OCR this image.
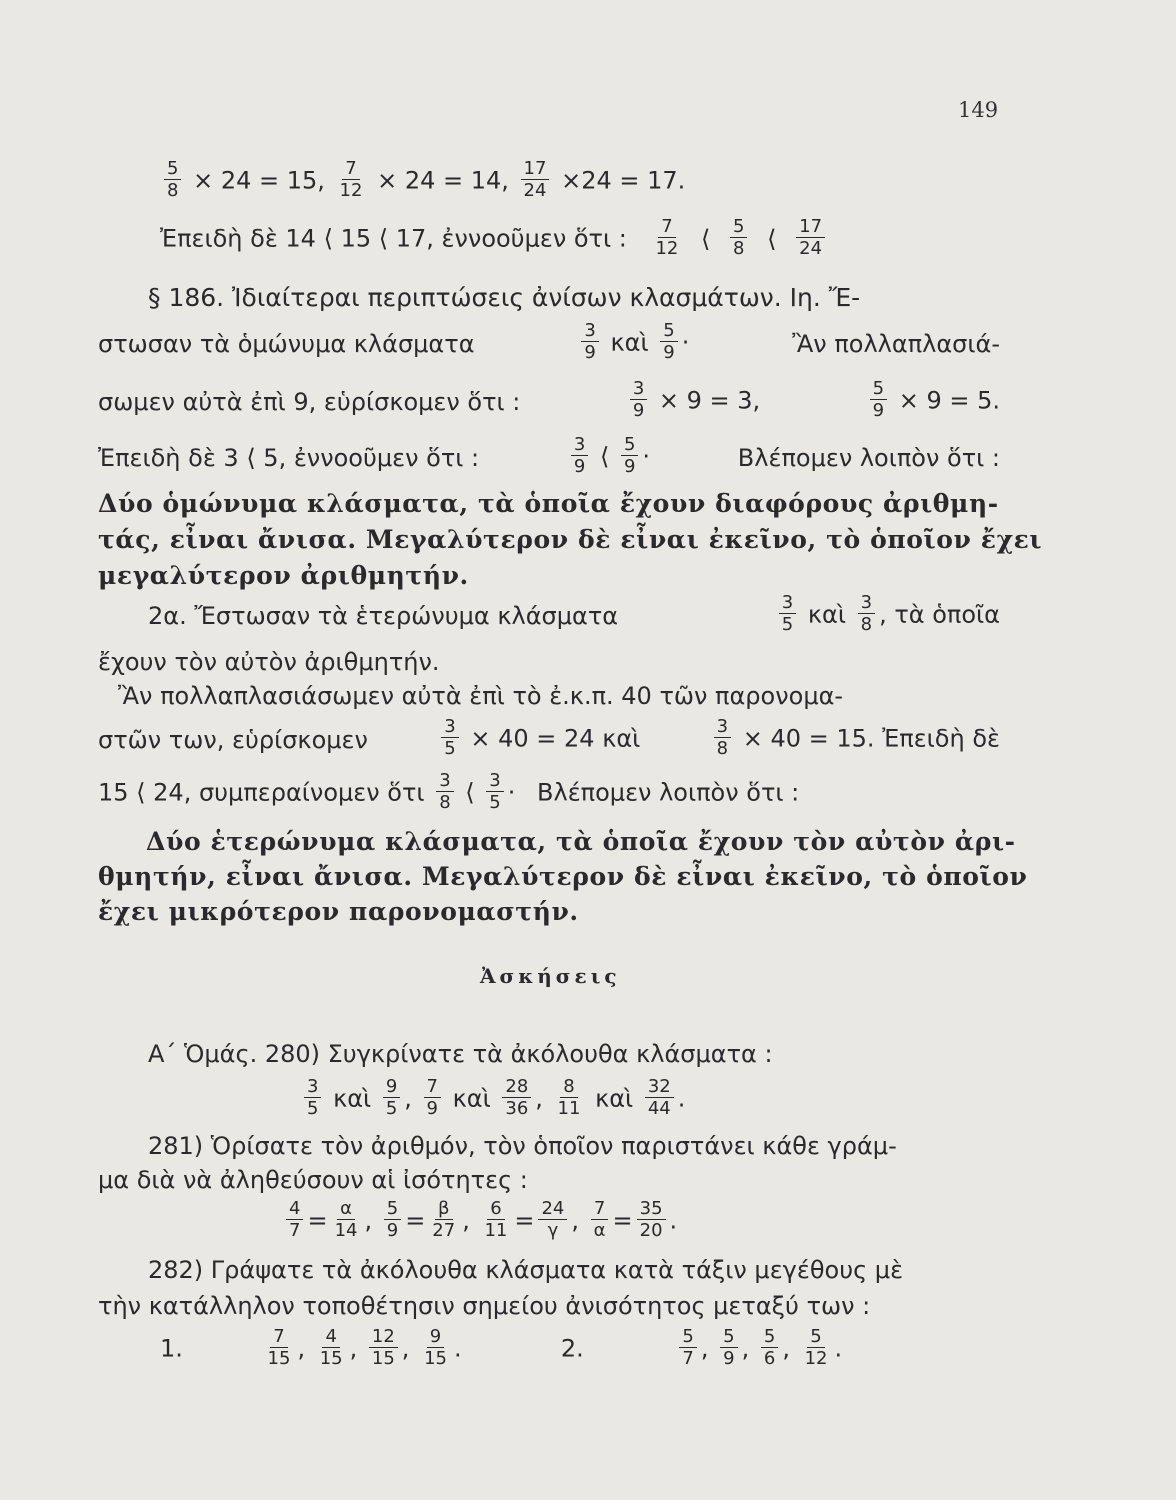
149
$\frac{5}{8} \times 24 = 15$, $\frac{7}{12} \times 24 = 14$, $\frac{17}{24} \times 24 = 17$.
Ἐπειδὴ δὲ 14 ⟨ 15 ⟨ 17, ἐννοοῦμεν ὅτι : $\frac{7}{12}$ ⟨ $\frac{5}{8}$ ⟨ $\frac{17}{24}$
§ 186. Ἰδιαίτεραι περιπτώσεις ἀνίσων κλασμάτων. Ιη. Ἔ-
στωσαν τὰ ὁμώνυμα κλάσματα	$\frac{3}{9}$ καὶ $\frac{5}{9}$ ·	Ἂν πολλαπλασιά-
σωμεν αὐτὰ ἐπὶ 9, εὑρίσκομεν ὅτι :	$\frac{3}{9} \times 9 = 3$,	$\frac{5}{9} \times 9 = 5$.
Ἐπειδὴ δὲ 3 ⟨ 5, ἐννοοῦμεν ὅτι :	$\frac{3}{9}$ ⟨ $\frac{5}{9}$ ·	Βλέπομεν λοιπὸν ὅτι :
Δύο ὁμώνυμα κλάσματα, τὰ ὁποῖα ἔχουν διαφόρους ἀριθμη-
τάς, εἶναι ἄνισα. Μεγαλύτερον δὲ εἶναι ἐκεῖνο, τὸ ὁποῖον ἔχει
μεγαλύτερον ἀριθμητήν.
2α. Ἔστωσαν τὰ ἑτερώνυμα κλάσματα	$\frac{3}{5}$ καὶ $\frac{3}{8}$ , τὰ ὁποῖα
ἔχουν τὸν αὐτὸν ἀριθμητήν.
Ἂν πολλαπλασιάσωμεν αὐτὰ ἐπὶ τὸ ἐ.κ.π. 40 τῶν παρονομα-
στῶν των, εὑρίσκομεν	$\frac{3}{5} \times 40 = 24$ καὶ	$\frac{3}{8} \times 40 = 15$. Ἐπειδὴ δὲ
15 ⟨ 24, συμπεραίνομεν ὅτι $\frac{3}{8}$ ⟨ $\frac{3}{5} \cdot B\lambda έ\pi o\mu\varepsilon\nu$ λοιπὸν ὅτι :
Δύο ἑτερώνυμα κλάσματα, τὰ ὁποῖα ἔχουν τὸν αὐτὸν ἀρι-
θμητήν, εἶναι ἄνισα. Μεγαλύτερον δὲ εἶναι ἐκεῖνο, τὸ ὁποῖον
ἔχει μικρότερον παρονομαστήν.
Ἀσκήσεις
Α΄ Ὁμάς. 280) Συγκρίνατε τὰ ἀκόλουθα κλάσματα :
$\frac{3}{5}$ καὶ $\frac{9}{5}$ , $\frac{7}{9}$ καὶ $\frac{28}{36}$ , $\frac{8}{11}$ καὶ $\frac{32}{44}$ .
281) Ὁρίσατε τὸν ἀριθμόν, τὸν ὁποῖον παριστάνει κάθε γράμ-
μα διὰ νὰ ἀληθεύσουν αἱ ἰσότητες :
$\frac{4}{7} = \frac{\alpha}{14}$ , $\frac{5}{9} = \frac{\beta}{27}$ , $\frac{6}{11} = \frac{24}{\gamma}$ , $\frac{7}{\alpha} = \frac{35}{20}$ .
282) Γράψατε τὰ ἀκόλουθα κλάσματα κατὰ τάξιν μεγέθους μὲ
τὴν κατάλληλον τοποθέτησιν σημείου ἀνισότητος μεταξύ των :
1.	$\frac{7}{15}$ , $\frac{4}{15}$ , $\frac{12}{15}$ , $\frac{9}{15}$ .	2.	$\frac{5}{7}$ , $\frac{5}{9}$ , $\frac{5}{6}$ , $\frac{5}{12}$ .
